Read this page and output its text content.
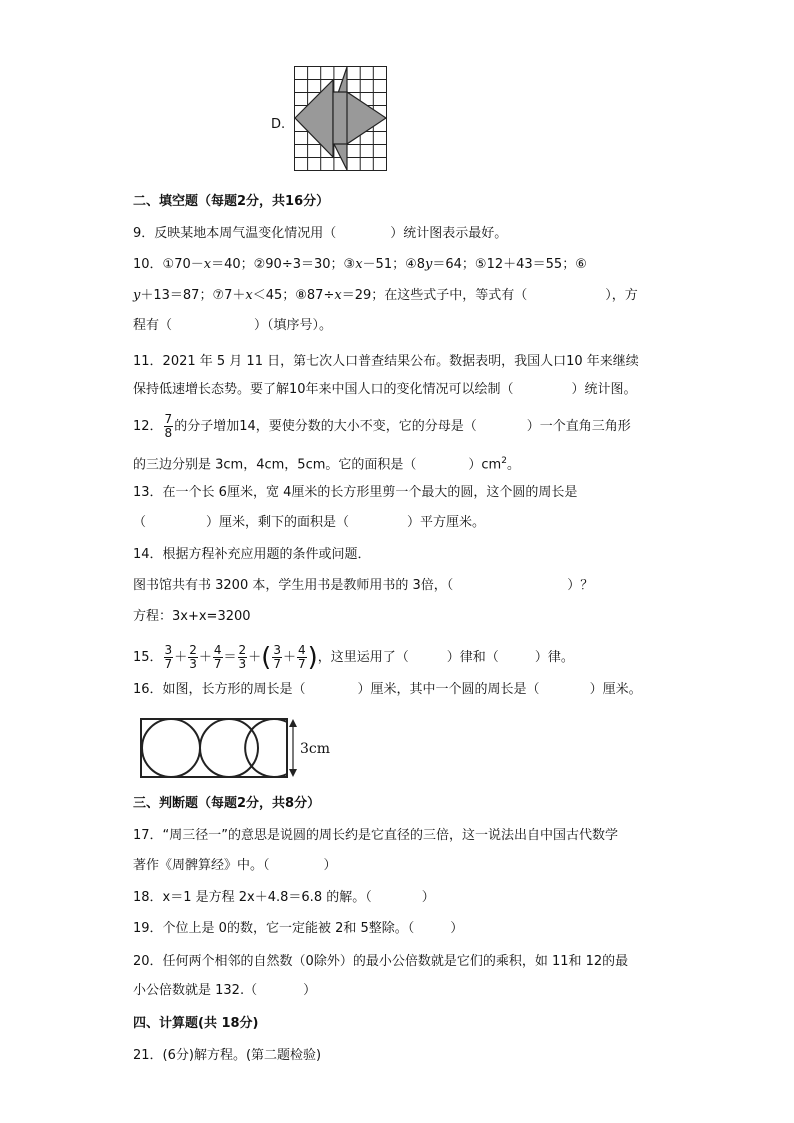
D.
二、填空题（每题2分，共16分）
9．反映某地本周气温变化情况用（	）统计图表示最好。
10．①70－x＝40；②90÷3＝30；③x－51；④8y＝64；⑤12＋43＝55；⑥
y＋13＝87；⑦7＋x＜45；⑧87÷x＝29；在这些式子中，等式有（	），方
程有（	）（填序号）。
11．2021 年 5 月 11 日，第七次人口普查结果公布。数据表明，我国人口10 年来继续
保持低速增长态势。要了解10年来中国人口的变化情况可以绘制（	）统计图。
12． $\frac{7}{8}$ 的分子增加14，要使分数的大小不变，它的分母是（	）一个直角三角形
的三边分别是 3cm，4cm，5cm。它的面积是（	）$cm^2$。
13．在一个长 6厘米，宽 4厘米的长方形里剪一个最大的圆，这个圆的周长是
（	）厘米，剩下的面积是（	）平方厘米。
14．根据方程补充应用题的条件或问题．
图书馆共有书 3200 本，学生用书是教师用书的 3倍，（	）？
方程：3x+x=3200
15． $\frac{3}{7} + \frac{2}{3} + \frac{4}{7} = \frac{2}{3}$ ＋( $\frac{3}{7} + \frac{4}{7}$ )，这里运用了（	）律和（	）律。
16．如图，长方形的周长是（	）厘米，其中一个圆的周长是（	）厘米。
3cm
三、判断题（每题2分，共8分）
17．“周三径一”的意思是说圆的周长约是它直径的三倍，这一说法出自中国古代数学
著作《周髀算经》中。（	）
18．x＝1 是方程 2x＋4.8＝6.8 的解。（	）
19．个位上是 0的数，它一定能被 2和 5整除。（	）
20．任何两个相邻的自然数（0除外）的最小公倍数就是它们的乘积，如 11和 12的最
小公倍数就是 132.（	）
四、计算题(共 18分)
21．(6分)解方程。(第二题检验)
